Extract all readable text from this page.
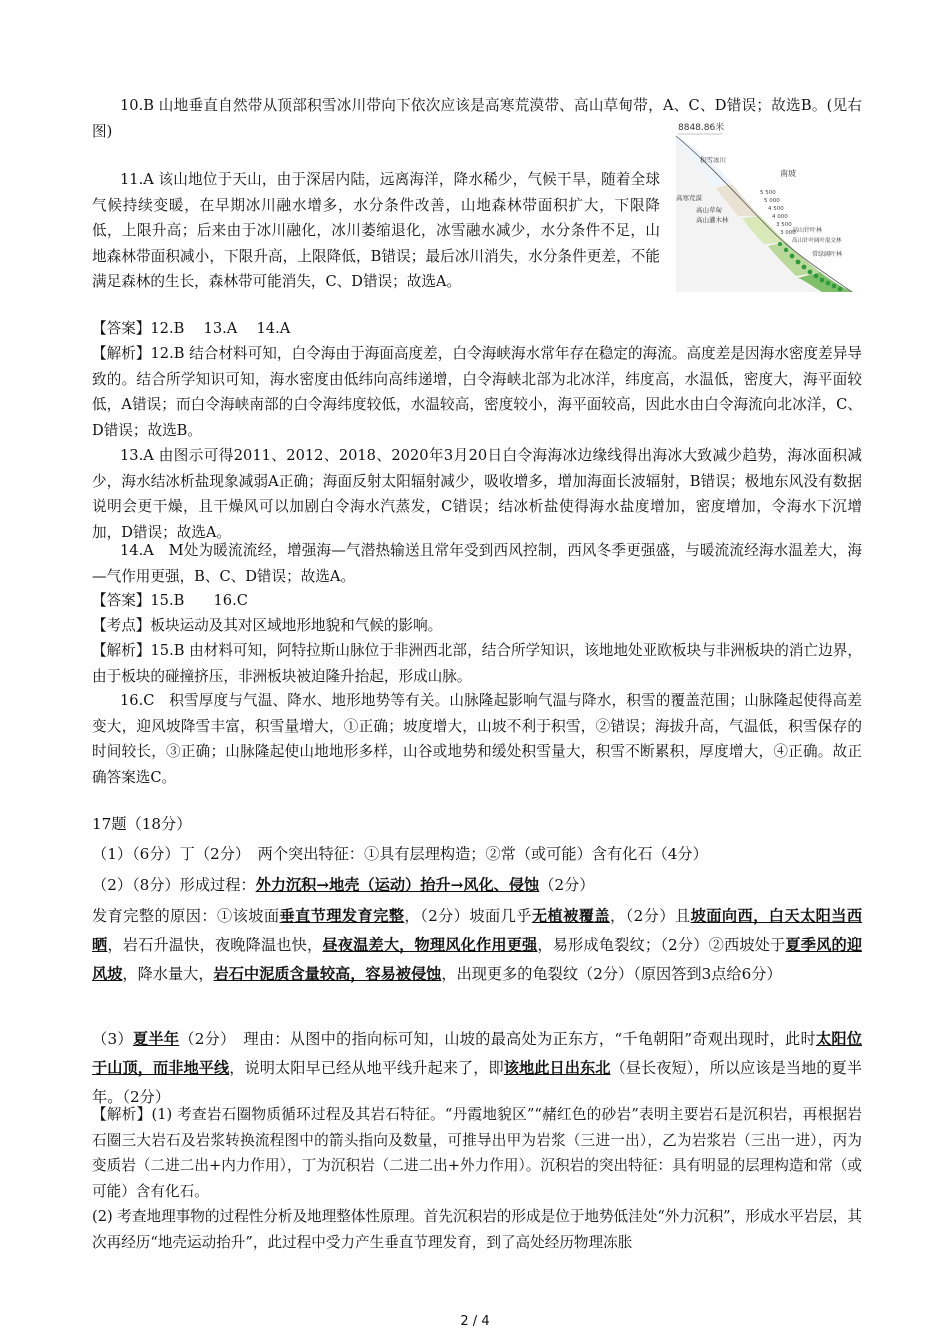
10.B 山地垂直自然带从顶部积雪冰川带向下依次应该是高寒荒漠带、高山草甸带，A、C、D错误；故选B。(见右图)	8848.86米
积雪冰川
南坡
高寒荒漠
高山草甸
高山灌木林
高山针叶林
高山针叶阔叶混交林
常绿阔叶林
5 500
5 000
4 500
4 000
3 500
3 000

11.A 该山地位于天山，由于深居内陆，远离海洋，降水稀少，气候干旱，随着全球气候持续变暖，在早期冰川融水增多，水分条件改善，山地森林带面积扩大，下限降低，上限升高；后来由于冰川融化，冰川萎缩退化，冰雪融水减少，水分条件不足，山地森林带面积减小，下限升高，上限降低，B错误；最后冰川消失，水分条件更差，不能满足森林的生长，森林带可能消失，C、D错误；故选A。

【答案】12.B　 13.A　 14.A

【解析】12.B 结合材料可知，白令海由于海面高度差，白令海峡海水常年存在稳定的海流。高度差是因海水密度差异导致的。结合所学知识可知，海水密度由低纬向高纬递增，白令海峡北部为北冰洋，纬度高，水温低，密度大，海平面较低，A错误；而白令海峡南部的白令海纬度较低，水温较高，密度较小，海平面较高，因此水由白令海流向北冰洋，C、D错误；故选B。

13.A 由图示可得2011、2012、2018、2020年3月20日白令海海冰边缘线得出海冰大致减少趋势，海冰面积减少，海水结冰析盐现象减弱A正确；海面反射太阳辐射减少，吸收增多，增加海面长波辐射，B错误；极地东风没有数据说明会更干燥，且干燥风可以加剧白令海水汽蒸发，C错误；结冰析盐使得海水盐度增加，密度增加，令海水下沉增加，D错误；故选A。

14.A　M处为暖流流经，增强海—气潜热输送且常年受到西风控制，西风冬季更强盛，与暖流流经海水温差大，海—气作用更强，B、C、D错误；故选A。

【答案】15.B　　16.C

【考点】板块运动及其对区域地形地貌和气候的影响。

【解析】15.B 由材料可知，阿特拉斯山脉位于非洲西北部，结合所学知识，该地地处亚欧板块与非洲板块的消亡边界，由于板块的碰撞挤压，非洲板块被迫隆升抬起，形成山脉。

16.C　积雪厚度与气温、降水、地形地势等有关。山脉隆起影响气温与降水，积雪的覆盖范围；山脉隆起使得高差变大，迎风坡降雪丰富，积雪量增大，①正确；坡度增大，山坡不利于积雪，②错误；海拔升高，气温低，积雪保存的时间较长，③正确；山脉隆起使山地地形多样，山谷或地势和缓处积雪量大，积雪不断累积，厚度增大，④正确。故正确答案选C。

17题（18分）

（1）（6分）丁（2分）　两个突出特征：①具有层理构造；②常（或可能）含有化石（4分）

（2）（8分）形成过程：外力沉积→地壳（运动）抬升→风化、侵蚀（2分）

发育完整的原因：①该坡面垂直节理发育完整，（2分）坡面几乎无植被覆盖，（2分）且坡面向西，白天太阳当西晒，岩石升温快，夜晚降温也快，昼夜温差大，物理风化作用更强，易形成龟裂纹；（2分）②西坡处于夏季风的迎风坡，降水量大，岩石中泥质含量较高，容易被侵蚀，出现更多的龟裂纹（2分）（原因答到3点给6分）

（3）夏半年（2分）　理由：从图中的指向标可知，山坡的最高处为正东方，“千龟朝阳”奇观出现时，此时太阳位于山顶，而非地平线，说明太阳早已经从地平线升起来了，即该地此日出东北（昼长夜短），所以应该是当地的夏半年。（2分）

【解析】(1) 考查岩石圈物质循环过程及其岩石特征。“丹霞地貌区”“赭红色的砂岩”表明主要岩石是沉积岩，再根据岩石圈三大岩石及岩浆转换流程图中的箭头指向及数量，可推导出甲为岩浆（三进一出），乙为岩浆岩（三出一进），丙为变质岩（二进二出+内力作用），丁为沉积岩（二进二出+外力作用）。沉积岩的突出特征：具有明显的层理构造和常（或可能）含有化石。

(2) 考查地理事物的过程性分析及地理整体性原理。首先沉积岩的形成是位于地势低洼处“外力沉积”，形成水平岩层，其次再经历“地壳运动抬升”，此过程中受力产生垂直节理发育，到了高处经历物理冻胀

2 / 4
